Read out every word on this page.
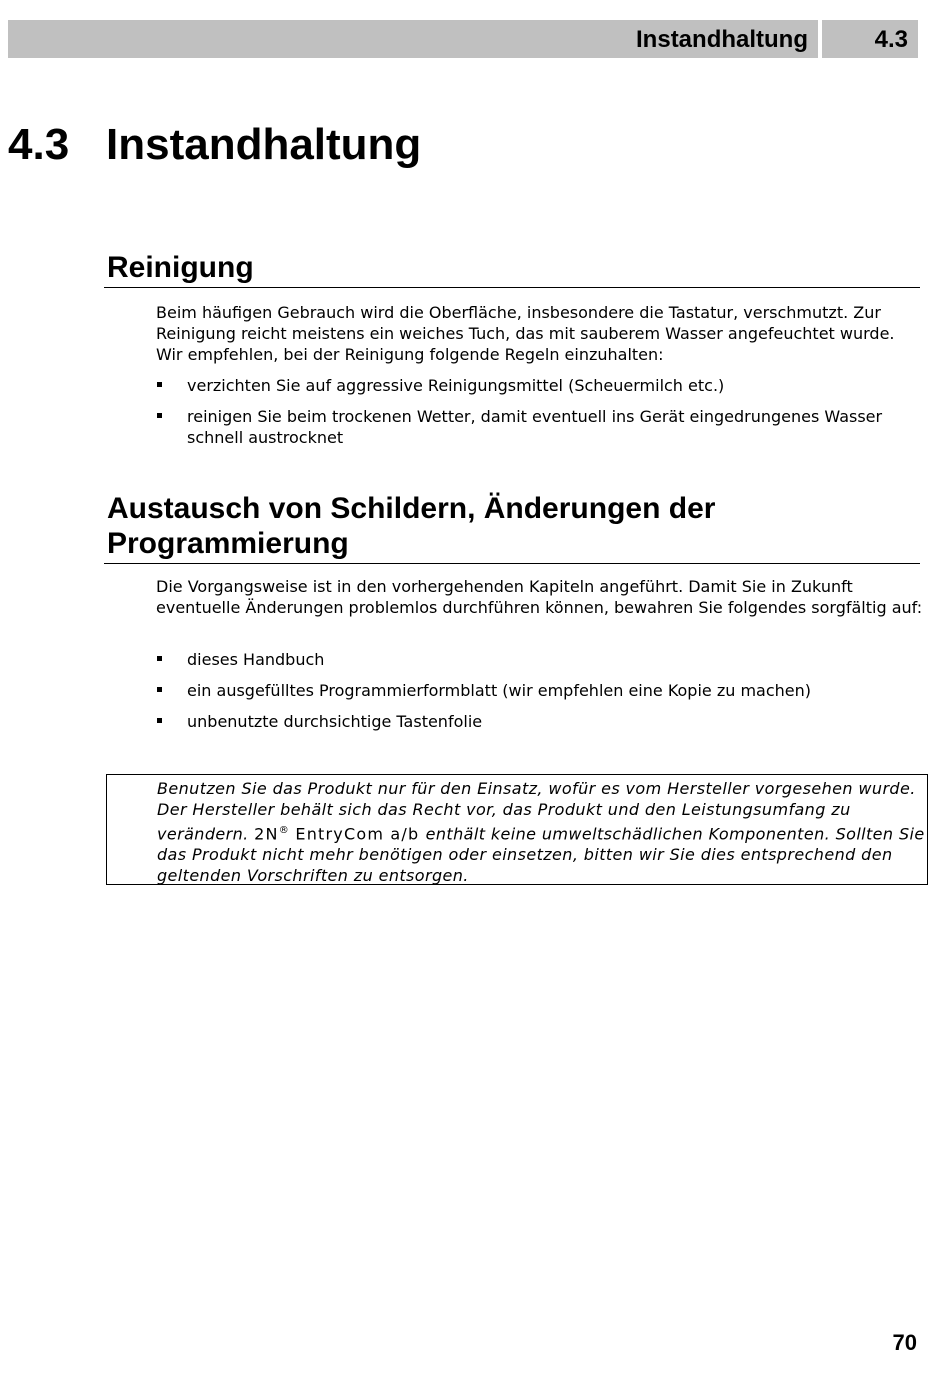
Instandhaltung	4.3
4.3 Instandhaltung
Reinigung

Beim häufigen Gebrauch wird die Oberfläche, insbesondere die Tastatur, verschmutzt. Zur Reinigung reicht meistens ein weiches Tuch, das mit sauberem Wasser angefeuchtet wurde. Wir empfehlen, bei der Reinigung folgende Regeln einzuhalten:

verzichten Sie auf aggressive Reinigungsmittel (Scheuermilch etc.)
reinigen Sie beim trockenen Wetter, damit eventuell ins Gerät eingedrungenes Wasser schnell austrocknet
Austausch von Schildern, Änderungen der Programmierung

Die Vorgangsweise ist in den vorhergehenden Kapiteln angeführt. Damit Sie in Zukunft eventuelle Änderungen problemlos durchführen können, bewahren Sie folgendes sorgfältig auf:

dieses Handbuch
ein ausgefülltes Programmierformblatt (wir empfehlen eine Kopie zu machen)
unbenutzte durchsichtige Tastenfolie
Benutzen Sie das Produkt nur für den Einsatz, wofür es vom Hersteller vorgesehen wurde. Der Hersteller behält sich das Recht vor, das Produkt und den Leistungsumfang zu verändern. 2N® EntryCom a/b enthält keine umweltschädlichen Komponenten. Sollten Sie das Produkt nicht mehr benötigen oder einsetzen, bitten wir Sie dies entsprechend den geltenden Vorschriften zu entsorgen.
70
